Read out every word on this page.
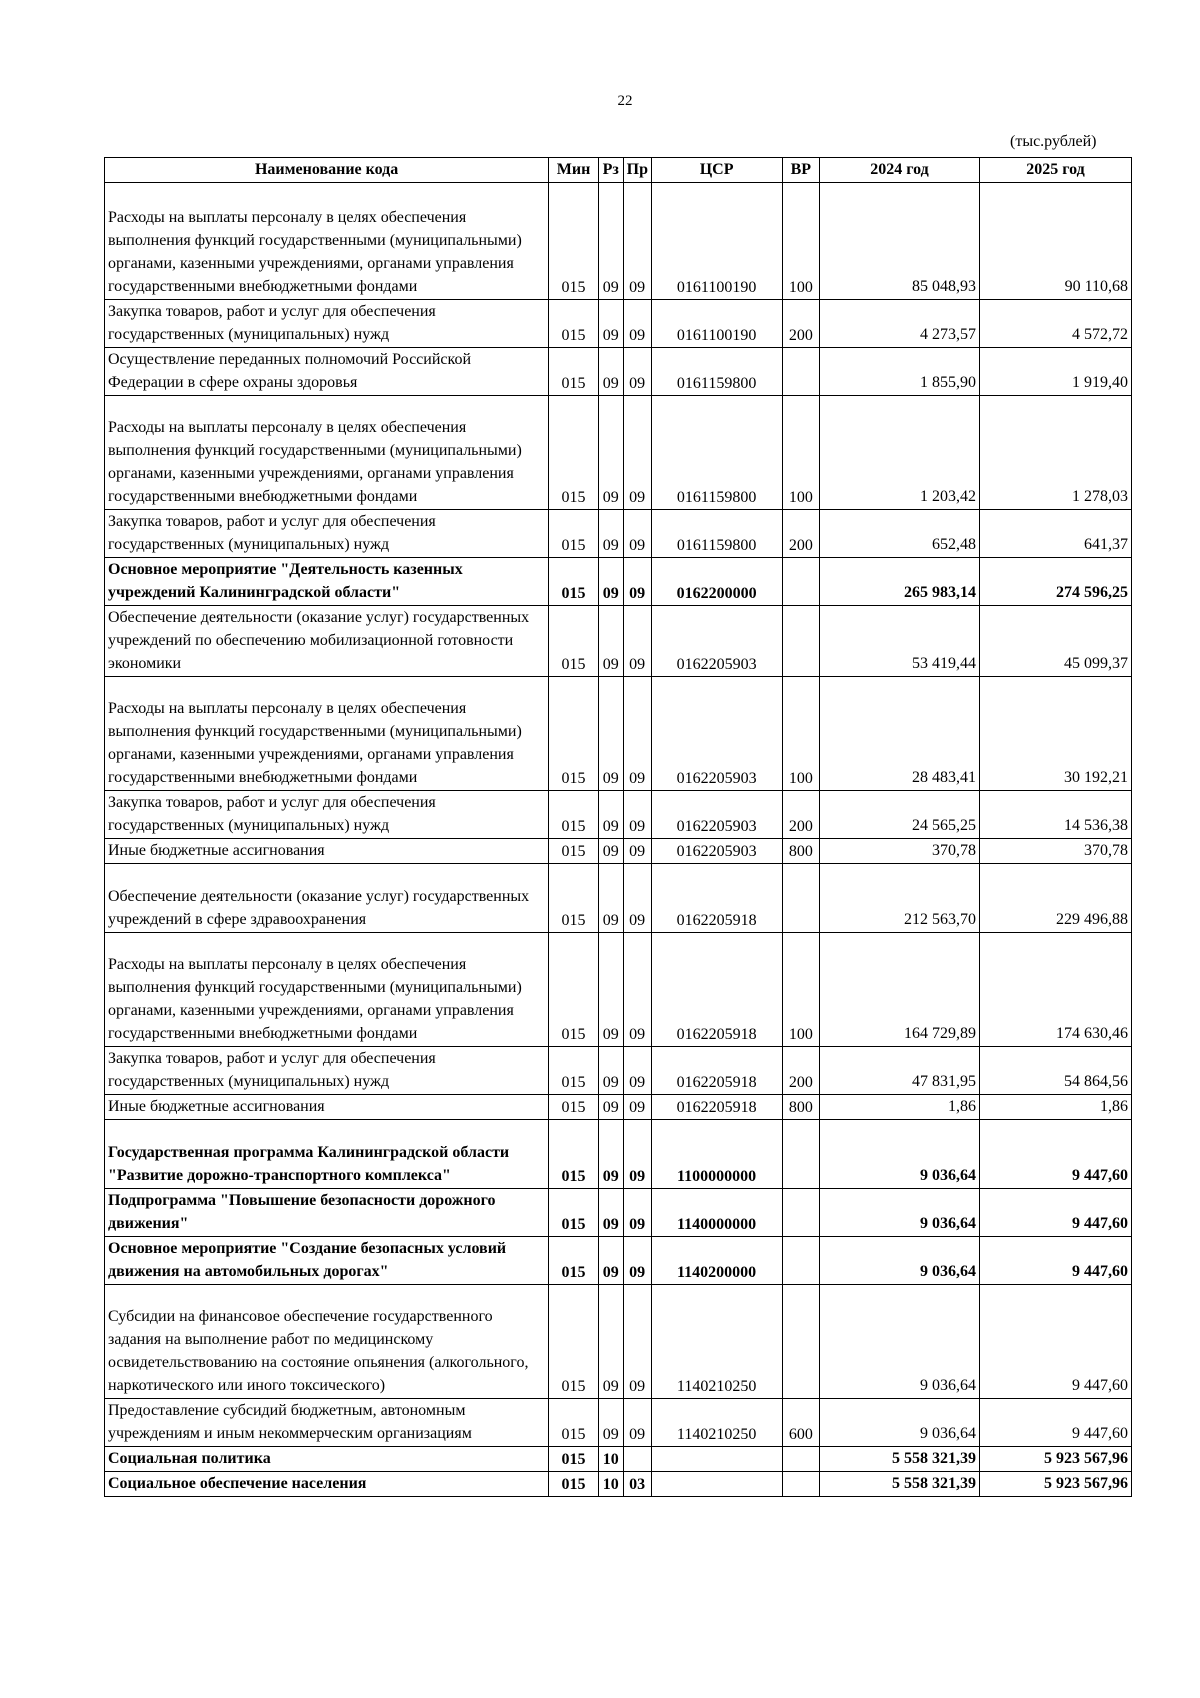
22
(тыс.рублей)
Наименование кода	Мин	Рз	Пр	ЦСР	ВР	2024 год	2025 год
Расходы на выплаты персоналу в целях обеспечения выполнения функций государственными (муниципальными) органами, казенными учреждениями, органами управления государственными внебюджетными фондами	015	09	09	0161100190	100	85 048,93	90 110,68
Закупка товаров, работ и услуг для обеспечения государственных (муниципальных) нужд	015	09	09	0161100190	200	4 273,57	4 572,72
Осуществление переданных полномочий Российской Федерации в сфере охраны здоровья	015	09	09	0161159800		1 855,90	1 919,40
Расходы на выплаты персоналу в целях обеспечения выполнения функций государственными (муниципальными) органами, казенными учреждениями, органами управления государственными внебюджетными фондами	015	09	09	0161159800	100	1 203,42	1 278,03
Закупка товаров, работ и услуг для обеспечения государственных (муниципальных) нужд	015	09	09	0161159800	200	652,48	641,37
Основное мероприятие "Деятельность казенных учреждений Калининградской области"	015	09	09	0162200000		265 983,14	274 596,25
Обеспечение деятельности (оказание услуг) государственных учреждений по обеспечению мобилизационной готовности экономики	015	09	09	0162205903		53 419,44	45 099,37
Расходы на выплаты персоналу в целях обеспечения выполнения функций государственными (муниципальными) органами, казенными учреждениями, органами управления государственными внебюджетными фондами	015	09	09	0162205903	100	28 483,41	30 192,21
Закупка товаров, работ и услуг для обеспечения государственных (муниципальных) нужд	015	09	09	0162205903	200	24 565,25	14 536,38
Иные бюджетные ассигнования	015	09	09	0162205903	800	370,78	370,78
Обеспечение деятельности (оказание услуг) государственных учреждений в сфере здравоохранения	015	09	09	0162205918		212 563,70	229 496,88
Расходы на выплаты персоналу в целях обеспечения выполнения функций государственными (муниципальными) органами, казенными учреждениями, органами управления государственными внебюджетными фондами	015	09	09	0162205918	100	164 729,89	174 630,46
Закупка товаров, работ и услуг для обеспечения государственных (муниципальных) нужд	015	09	09	0162205918	200	47 831,95	54 864,56
Иные бюджетные ассигнования	015	09	09	0162205918	800	1,86	1,86
Государственная программа Калининградской области "Развитие дорожно-транспортного комплекса"	015	09	09	1100000000		9 036,64	9 447,60
Подпрограмма "Повышение безопасности дорожного движения"	015	09	09	1140000000		9 036,64	9 447,60
Основное мероприятие "Создание безопасных условий движения на автомобильных дорогах"	015	09	09	1140200000		9 036,64	9 447,60
Субсидии на финансовое обеспечение государственного задания на выполнение работ по медицинскому освидетельствованию на состояние опьянения (алкогольного, наркотического или иного токсического)	015	09	09	1140210250		9 036,64	9 447,60
Предоставление субсидий бюджетным, автономным учреждениям и иным некоммерческим организациям	015	09	09	1140210250	600	9 036,64	9 447,60
Социальная политика	015	10				5 558 321,39	5 923 567,96
Социальное обеспечение населения	015	10	03			5 558 321,39	5 923 567,96
